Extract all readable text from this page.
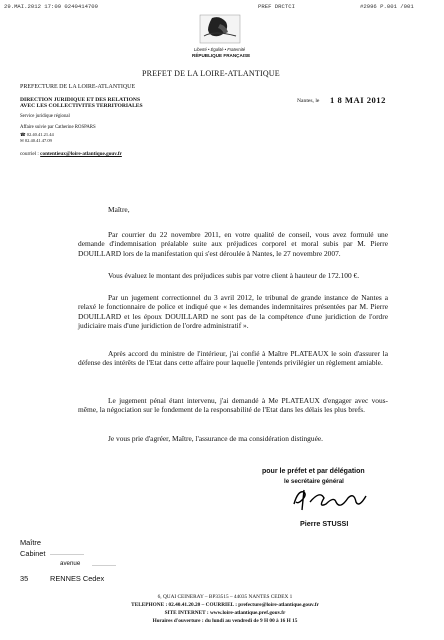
29.MAI.2012 17:09 0240414709	PREF DRCTCI	#2996 P.001 /001
Liberté • Égalité • Fraternité
RÉPUBLIQUE FRANÇAISE
PREFET DE LA LOIRE-ATLANTIQUE
PREFECTURE DE LA LOIRE-ATLANTIQUE
DIRECTION JURIDIQUE ET DES RELATIONS
AVEC LES COLLECTIVITES TERRITORIALES
Service juridique régional
Affaire suivie par Catherine ROSPARS
☎ 02.40.41.21.44
✉ 02.40.41.47.09
courriel : contentieux@loire-atlantique.gouv.fr
Nantes, le 1 8 MAI 2012
Maître,

Par courrier du 22 novembre 2011, en votre qualité de conseil, vous avez formulé une demande d'indemnisation préalable suite aux préjudices corporel et moral subis par M. Pierre DOUILLARD lors de la manifestation qui s'est déroulée à Nantes, le 27 novembre 2007.

Vous évaluez le montant des préjudices subis par votre client à hauteur de 172.100 €.

Par un jugement correctionnel du 3 avril 2012, le tribunal de grande instance de Nantes a relaxé le fonctionnaire de police et indiqué que « les demandes indemnitaires présentées par M. Pierre DOUILLARD et les époux DOUILLARD ne sont pas de la compétence d'une juridiction de l'ordre judiciaire mais d'une juridiction de l'ordre administratif ».

Après accord du ministre de l'intérieur, j'ai confié à Maître PLATEAUX le soin d'assurer la défense des intérêts de l'Etat dans cette affaire pour laquelle j'entends privilégier un règlement amiable.

Le jugement pénal étant intervenu, j'ai demandé à Me PLATEAUX d'engager avec vous-même, la négociation sur le fondement de la responsabilité de l'Etat dans les délais les plus brefs.

Je vous prie d'agréer, Maître, l'assurance de ma considération distinguée.

pour le préfet et par délégation
le secrétaire général
Pierre STUSSI
Maître
Cabinet
avenue
35	RENNES Cedex
6, QUAI CEINERAY – BP33515 – 44035 NANTES CEDEX 1
TELEPHONE : 02.40.41.20.20 – COURRIEL : prefecture@loire-atlantique.gouv.fr
SITE INTERNET : www.loire-atlantique.pref.gouv.fr
Horaires d'ouverture : du lundi au vendredi de 9 H 00 à 16 H 15
